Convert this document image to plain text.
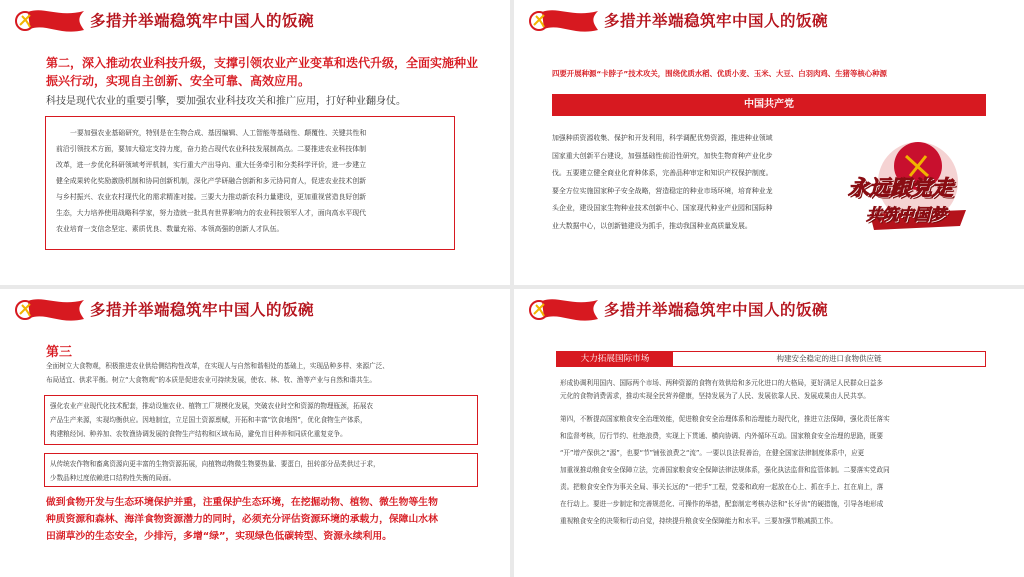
多措并举端稳筑牢中国人的饭碗
第二，深入推动农业科技升级，支撑引领农业产业变革和迭代升级，全面实施种业
振兴行动，实现自主创新、安全可靠、高效应用。
科技是现代农业的重要引擎，要加强农业科技攻关和推广应用，打好种业翻身仗。
一要加强农业基础研究，特别是在生物合成、基因编辑、人工智能等基础性、颠覆性、关键共性和
前沿引领技术方面，要加大稳定支持力度，奋力抢占现代农业科技发展制高点。二要推进农业科技体制
改革，进一步优化科研领域考评机制，实行重大产出导向、重大任务牵引和分类科学评价，进一步建立
健全成果转化奖励激励机制和协同创新机制，深化产学研融合创新和多元协同育人，促进农业技术创新
与乡村振兴、农业农村现代化的需求精准对接。三要大力推动新农科力量建设，更加重视营造良好创新
生态，大力培养使用战略科学家，努力造就一批具有世界影响力的农业科技领军人才，面向高水平现代
农业培育一支信念坚定、素质优良、数量充裕、本领高强的创新人才队伍。
多措并举端稳筑牢中国人的饭碗
四要开展种源“卡脖子”技术攻关，围绕优质水稻、优质小麦、玉米、大豆、白羽肉鸡、生猪等核心种源
中国共产党
加强种质资源收集、保护和开发利用，科学调配优势资源，推进种业领域
国家重大创新平台建设，加强基础性前沿性研究，加快生物育种产业化步
伐。五要建立健全商业化育种体系，完善品种审定和知识产权保护制度。
要全方位实施国家种子安全战略，营造稳定的种业市场环境，培育种业龙
头企业，建设国家生物种业技术创新中心、国家现代种业产业园和国际种
业大数据中心，以创新链建设为抓手，推动我国种业高质量发展。
永远跟党走
共筑中国梦
多措并举端稳筑牢中国人的饭碗
第三
全面树立大食物观，积极推进农业供给侧结构性改革，在实现人与自然和谐相处的基础上，实现品种多样、来源广泛、
布局适宜、供求平衡。树立“大食物观”的本质是促进农业可持续发展，使农、林、牧、渔等产业与自然和谐共生。
强化农业产业现代化技术配套，推动设施农业、植物工厂规模化发展，突破农业时空和资源的物理瓶颈，拓展农
产品生产来源，实现均衡供应。因地制宜，立足国土资源禀赋，开拓和丰富“饮食地图”，优化食物生产体系，
构建粮经饲、种养加、农牧渔协调发展的食物生产结构和区域布局，避免盲目种养和同质化重复竞争。
从传统农作物和畜禽资源向更丰富的生物资源拓展，向植物动物微生物要热量、要蛋白，扭转部分品类供过于求，
少数品种过度依赖进口结构性失衡的局面。
做到食物开发与生态环境保护并重，注重保护生态环境，在挖掘动物、植物、微生物等生物
种质资源和森林、海洋食物资源潜力的同时，必须充分评估资源环境的承载力，保障山水林
田湖草沙的生态安全，少排污，多增“绿”，实现绿色低碳转型、资源永续利用。
多措并举端稳筑牢中国人的饭碗
大力拓展国际市场	构建安全稳定的进口食物供应链
形成协调利用国内、国际两个市场、两种资源的食物有效供给和多元化进口的大格局，更好满足人民群众日益多
元化的食物消费需求，推动实现全民营养健康，坚持发展为了人民、发展依靠人民、发展成果由人民共享。
第四，不断提高国家粮食安全治理效能，促进粮食安全治理体系和治理能力现代化，推进立法保障，强化责任落实
和监督考核，厉行节约、杜绝浪费，实现上下贯通、横向协调、内外循环互动。国家粮食安全治理的思路，既要
“开”增产保供之“源”，也要“节”铺张浪费之“流”。一要以良法促善治，在健全国家法律制度体系中，应更
加重视推动粮食安全保障立法，完善国家粮食安全保障法律法规体系，强化执法监督和监管体制。二要落实党政同
责。把粮食安全作为事关全局、事关长远的“一把手”工程，党委和政府一起放在心上、抓在手上、扛在肩上，落
在行动上。要进一步制定和完善规范化、可操作的举措，配套制定考核办法和“长牙齿”的硬措施，引导各地形成
重视粮食安全的决策和行动自觉，持续提升粮食安全保障能力和水平。三要加强节粮减损工作。
